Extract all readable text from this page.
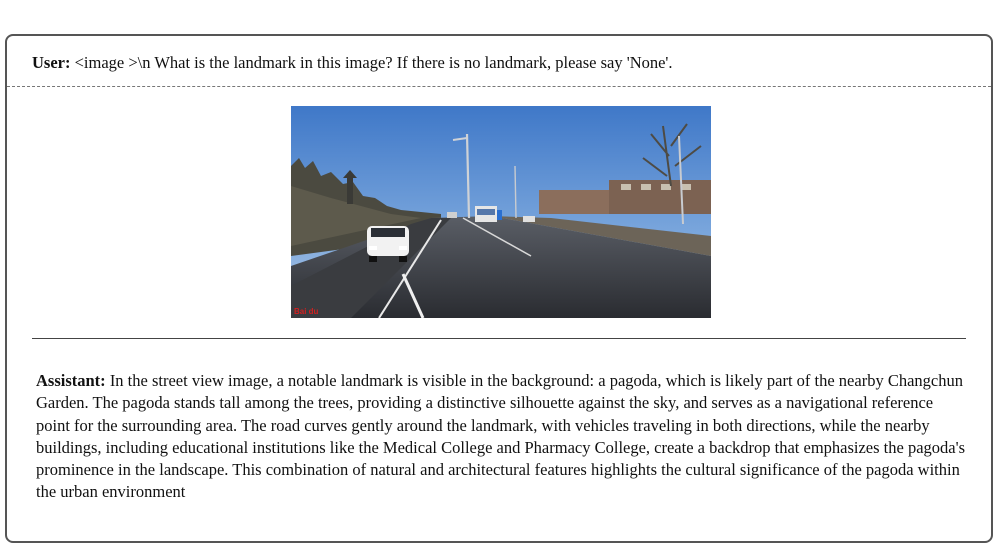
User: <image >\n What is the landmark in this image? If there is no landmark, please say 'None'.
Bai du
Assistant: In the street view image, a notable landmark is visible in the background: a pagoda, which is likely part of the nearby Changchun Garden. The pagoda stands tall among the trees, providing a distinctive silhouette against the sky, and serves as a navigational reference point for the surrounding area. The road curves gently around the landmark, with vehicles traveling in both directions, while the nearby buildings, including educational institutions like the Medical College and Pharmacy College, create a backdrop that emphasizes the pagoda's prominence in the landscape. This combination of natural and architectural features highlights the cultural significance of the pagoda within the urban environment
